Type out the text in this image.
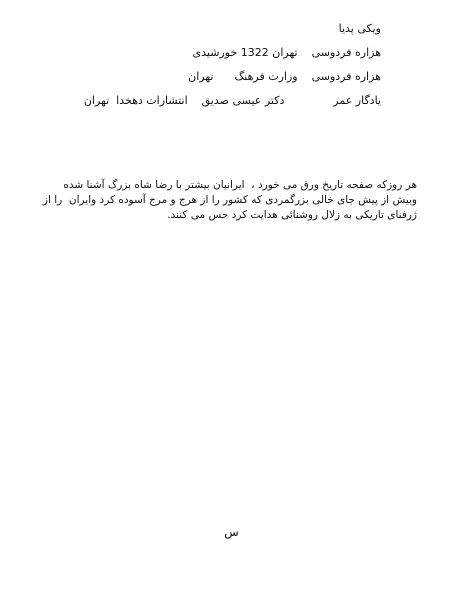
ویکی پدیا
هزاره فردوسی    تهران 1322 خورشیدی
هزاره فردوسی    وزارت فرهنگ      تهران
یادگار عمر              دکتر عیسی صدیق    انتشارات دهخدا  تهران
هر روزکه صفحه تاریخ ورق می خورد ،  ایرانیان بیشتر با رضا شاه بزرگ آشنا شده
وبیش از پیش جای خالی بزرگمردی که کشور را از هرج و مرج آسوده کرد وایران  را از
ژرفنای تاریکی به زلال روشنائی هدایت کرد حس می کنند.
س
